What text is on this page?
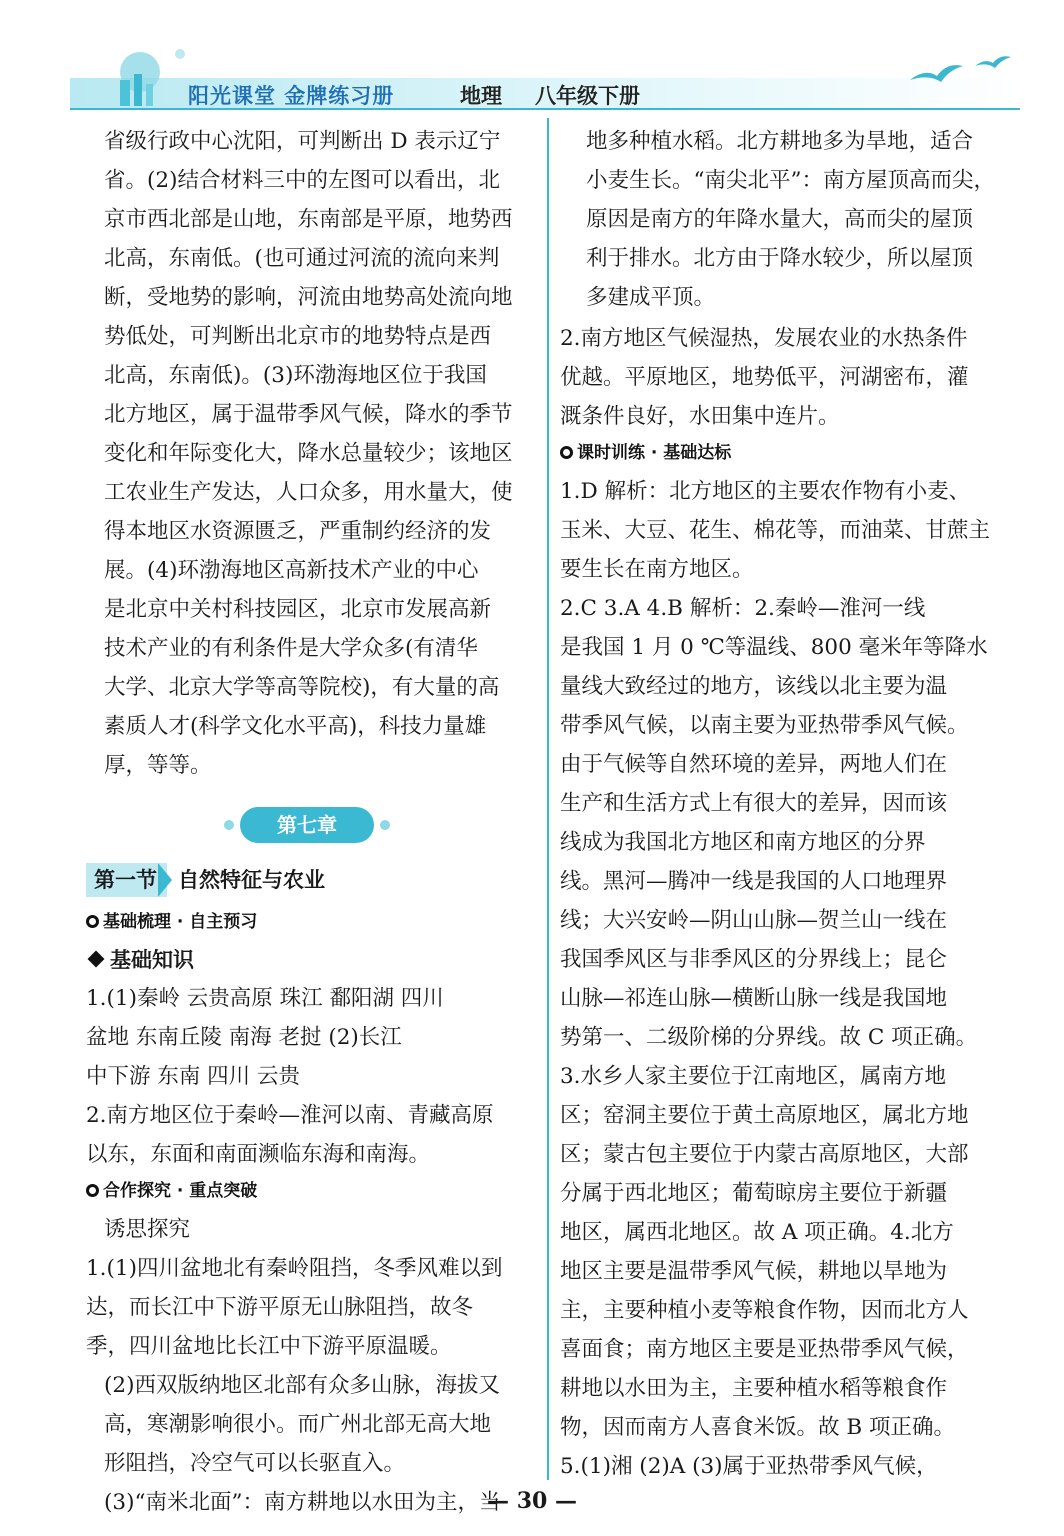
阳光课堂 金牌练习册	地理 八年级下册

省级行政中心沈阳，可判断出 D 表示辽宁
省。(2)结合材料三中的左图可以看出，北
京市西北部是山地，东南部是平原，地势西
北高，东南低。(也可通过河流的流向来判
断，受地势的影响，河流由地势高处流向地
势低处，可判断出北京市的地势特点是西
北高，东南低)。(3)环渤海地区位于我国
北方地区，属于温带季风气候，降水的季节
变化和年际变化大，降水总量较少；该地区
工农业生产发达，人口众多，用水量大，使
得本地区水资源匮乏，严重制约经济的发
展。(4)环渤海地区高新技术产业的中心
是北京中关村科技园区，北京市发展高新
技术产业的有利条件是大学众多(有清华
大学、北京大学等高等院校)，有大量的高
素质人才(科学文化水平高)，科技力量雄
厚，等等。

第七章
第一节	自然特征与农业
基础梳理 · 自主预习
基础知识

1.(1)秦岭 云贵高原 珠江 鄱阳湖 四川
盆地 东南丘陵 南海 老挝 (2)长江
中下游 东南 四川 云贵

2.南方地区位于秦岭—淮河以南、青藏高原
以东，东面和南面濒临东海和南海。

合作探究 · 重点突破

诱思探究

1.(1)四川盆地北有秦岭阻挡，冬季风难以到
达，而长江中下游平原无山脉阻挡，故冬
季，四川盆地比长江中下游平原温暖。

(2)西双版纳地区北部有众多山脉，海拔又
高，寒潮影响很小。而广州北部无高大地
形阻挡，冷空气可以长驱直入。

(3)“南米北面”：南方耕地以水田为主，当

地多种植水稻。北方耕地多为旱地，适合
小麦生长。“南尖北平”：南方屋顶高而尖，
原因是南方的年降水量大，高而尖的屋顶
利于排水。北方由于降水较少，所以屋顶
多建成平顶。

2.南方地区气候湿热，发展农业的水热条件
优越。平原地区，地势低平，河湖密布，灌
溉条件良好，水田集中连片。

课时训练 · 基础达标

1.D 解析：北方地区的主要农作物有小麦、
玉米、大豆、花生、棉花等，而油菜、甘蔗主
要生长在南方地区。

2.C 3.A 4.B 解析：2.秦岭—淮河一线
是我国 1 月 0 ℃等温线、800 毫米年等降水
量线大致经过的地方，该线以北主要为温
带季风气候，以南主要为亚热带季风气候。
由于气候等自然环境的差异，两地人们在
生产和生活方式上有很大的差异，因而该
线成为我国北方地区和南方地区的分界
线。黑河—腾冲一线是我国的人口地理界
线；大兴安岭—阴山山脉—贺兰山一线在
我国季风区与非季风区的分界线上；昆仑
山脉—祁连山脉—横断山脉一线是我国地
势第一、二级阶梯的分界线。故 C 项正确。
3.水乡人家主要位于江南地区，属南方地
区；窑洞主要位于黄土高原地区，属北方地
区；蒙古包主要位于内蒙古高原地区，大部
分属于西北地区；葡萄晾房主要位于新疆
地区，属西北地区。故 A 项正确。4.北方
地区主要是温带季风气候，耕地以旱地为
主，主要种植小麦等粮食作物，因而北方人
喜面食；南方地区主要是亚热带季风气候，
耕地以水田为主，主要种植水稻等粮食作
物，因而南方人喜食米饭。故 B 项正确。

5.(1)湘 (2)A (3)属于亚热带季风气候，

— 30 —
